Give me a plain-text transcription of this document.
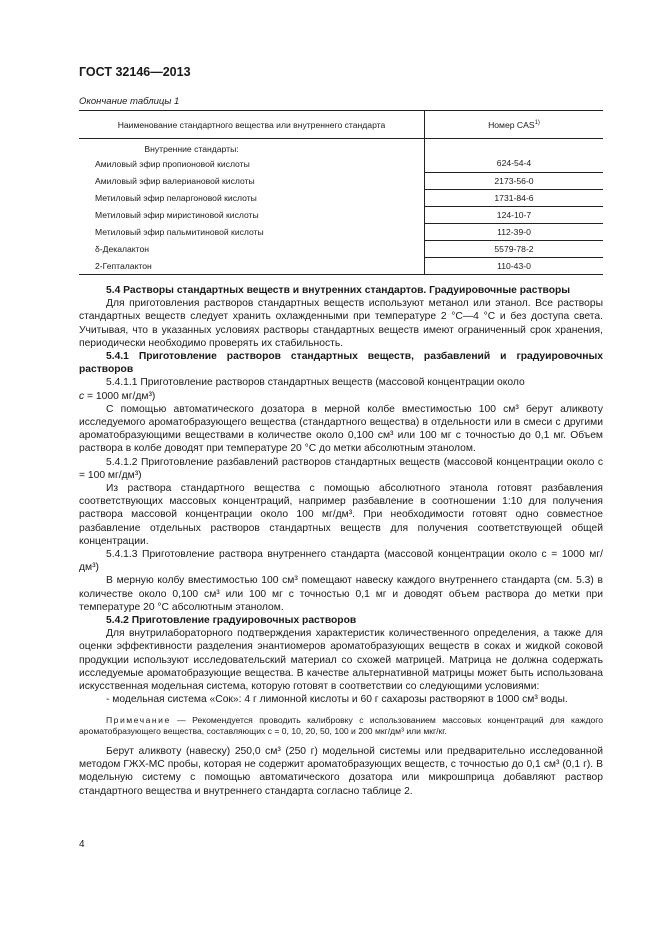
ГОСТ 32146—2013
Окончание таблицы 1
Наименование стандартного вещества или внутреннего стандарта	Номер CAS$^{1)}$
Внутренние стандарты:	
Амиловый эфир пропионовой кислоты	624-54-4
Амиловый эфир валериановой кислоты	2173-56-0
Метиловый эфир пеларгоновой кислоты	1731-84-6
Метиловый эфир миристиновой кислоты	124-10-7
Метиловый эфир пальмитиновой кислоты	112-39-0
δ-Декалактон	5579-78-2
2-Гепталактон	110-43-0

5.4 Растворы стандартных веществ и внутренних стандартов. Градуировочные растворы

Для приготовления растворов стандартных веществ используют метанол или этанол. Все растворы стандартных веществ следует хранить охлажденными при температуре 2 °С—4 °С и без доступа света. Учитывая, что в указанных условиях растворы стандартных веществ имеют ограниченный срок хранения, периодически необходимо проверять их стабильность.

5.4.1 Приготовление растворов стандартных веществ, разбавлений и градуировочных растворов

5.4.1.1 Приготовление растворов стандартных веществ (массовой концентрации около
c = 1000 мг/дм³)

С помощью автоматического дозатора в мерной колбе вместимостью 100 см³ берут аликвоту исследуемого ароматобразующего вещества (стандартного вещества) в отдельности или в смеси с другими ароматобразующими веществами в количестве около 0,100 см³ или 100 мг с точностью до 0,1 мг. Объем раствора в колбе доводят при температуре 20 °С до метки абсолютным этанолом.

5.4.1.2 Приготовление разбавлений растворов стандартных веществ (массовой концентрации около c = 100 мг/дм³)

Из раствора стандартного вещества с помощью абсолютного этанола готовят разбавления соответствующих массовых концентраций, например разбавление в соотношении 1:10 для получения раствора массовой концентрации около 100 мг/дм³. При необходимости готовят одно совместное разбавление отдельных растворов стандартных веществ для получения соответствующей общей концентрации.

5.4.1.3 Приготовление раствора внутреннего стандарта (массовой концентрации около c = 1000 мг/дм³)

В мерную колбу вместимостью 100 см³ помещают навеску каждого внутреннего стандарта (см. 5.3) в количестве около 0,100 см³ или 100 мг с точностью 0,1 мг и доводят объем раствора до метки при температуре 20 °С абсолютным этанолом.

5.4.2 Приготовление градуировочных растворов

Для внутрилабораторного подтверждения характеристик количественного определения, а также для оценки эффективности разделения энантиомеров ароматобразующих веществ в соках и жидкой соковой продукции используют исследовательский материал со схожей матрицей. Матрица не должна содержать исследуемые ароматобразующие вещества. В качестве альтернативной матрицы может быть использована искусственная модельная система, которую готовят в соответствии со следующими условиями:

- модельная система «Сок»: 4 г лимонной кислоты и 60 г сахарозы растворяют в 1000 см³ воды.

Примечание — Рекомендуется проводить калибровку с использованием массовых концентраций для каждого ароматобразующего вещества, составляющих c = 0, 10, 20, 50, 100 и 200 мкг/дм³ или мкг/кг.

Берут аликвоту (навеску) 250,0 см³ (250 г) модельной системы или предварительно исследованной методом ГЖХ-МС пробы, которая не содержит ароматобразующих веществ, с точностью до 0,1 см³ (0,1 г). В модельную систему с помощью автоматического дозатора или микрошприца добавляют раствор стандартного вещества и внутреннего стандарта согласно таблице 2.

4
